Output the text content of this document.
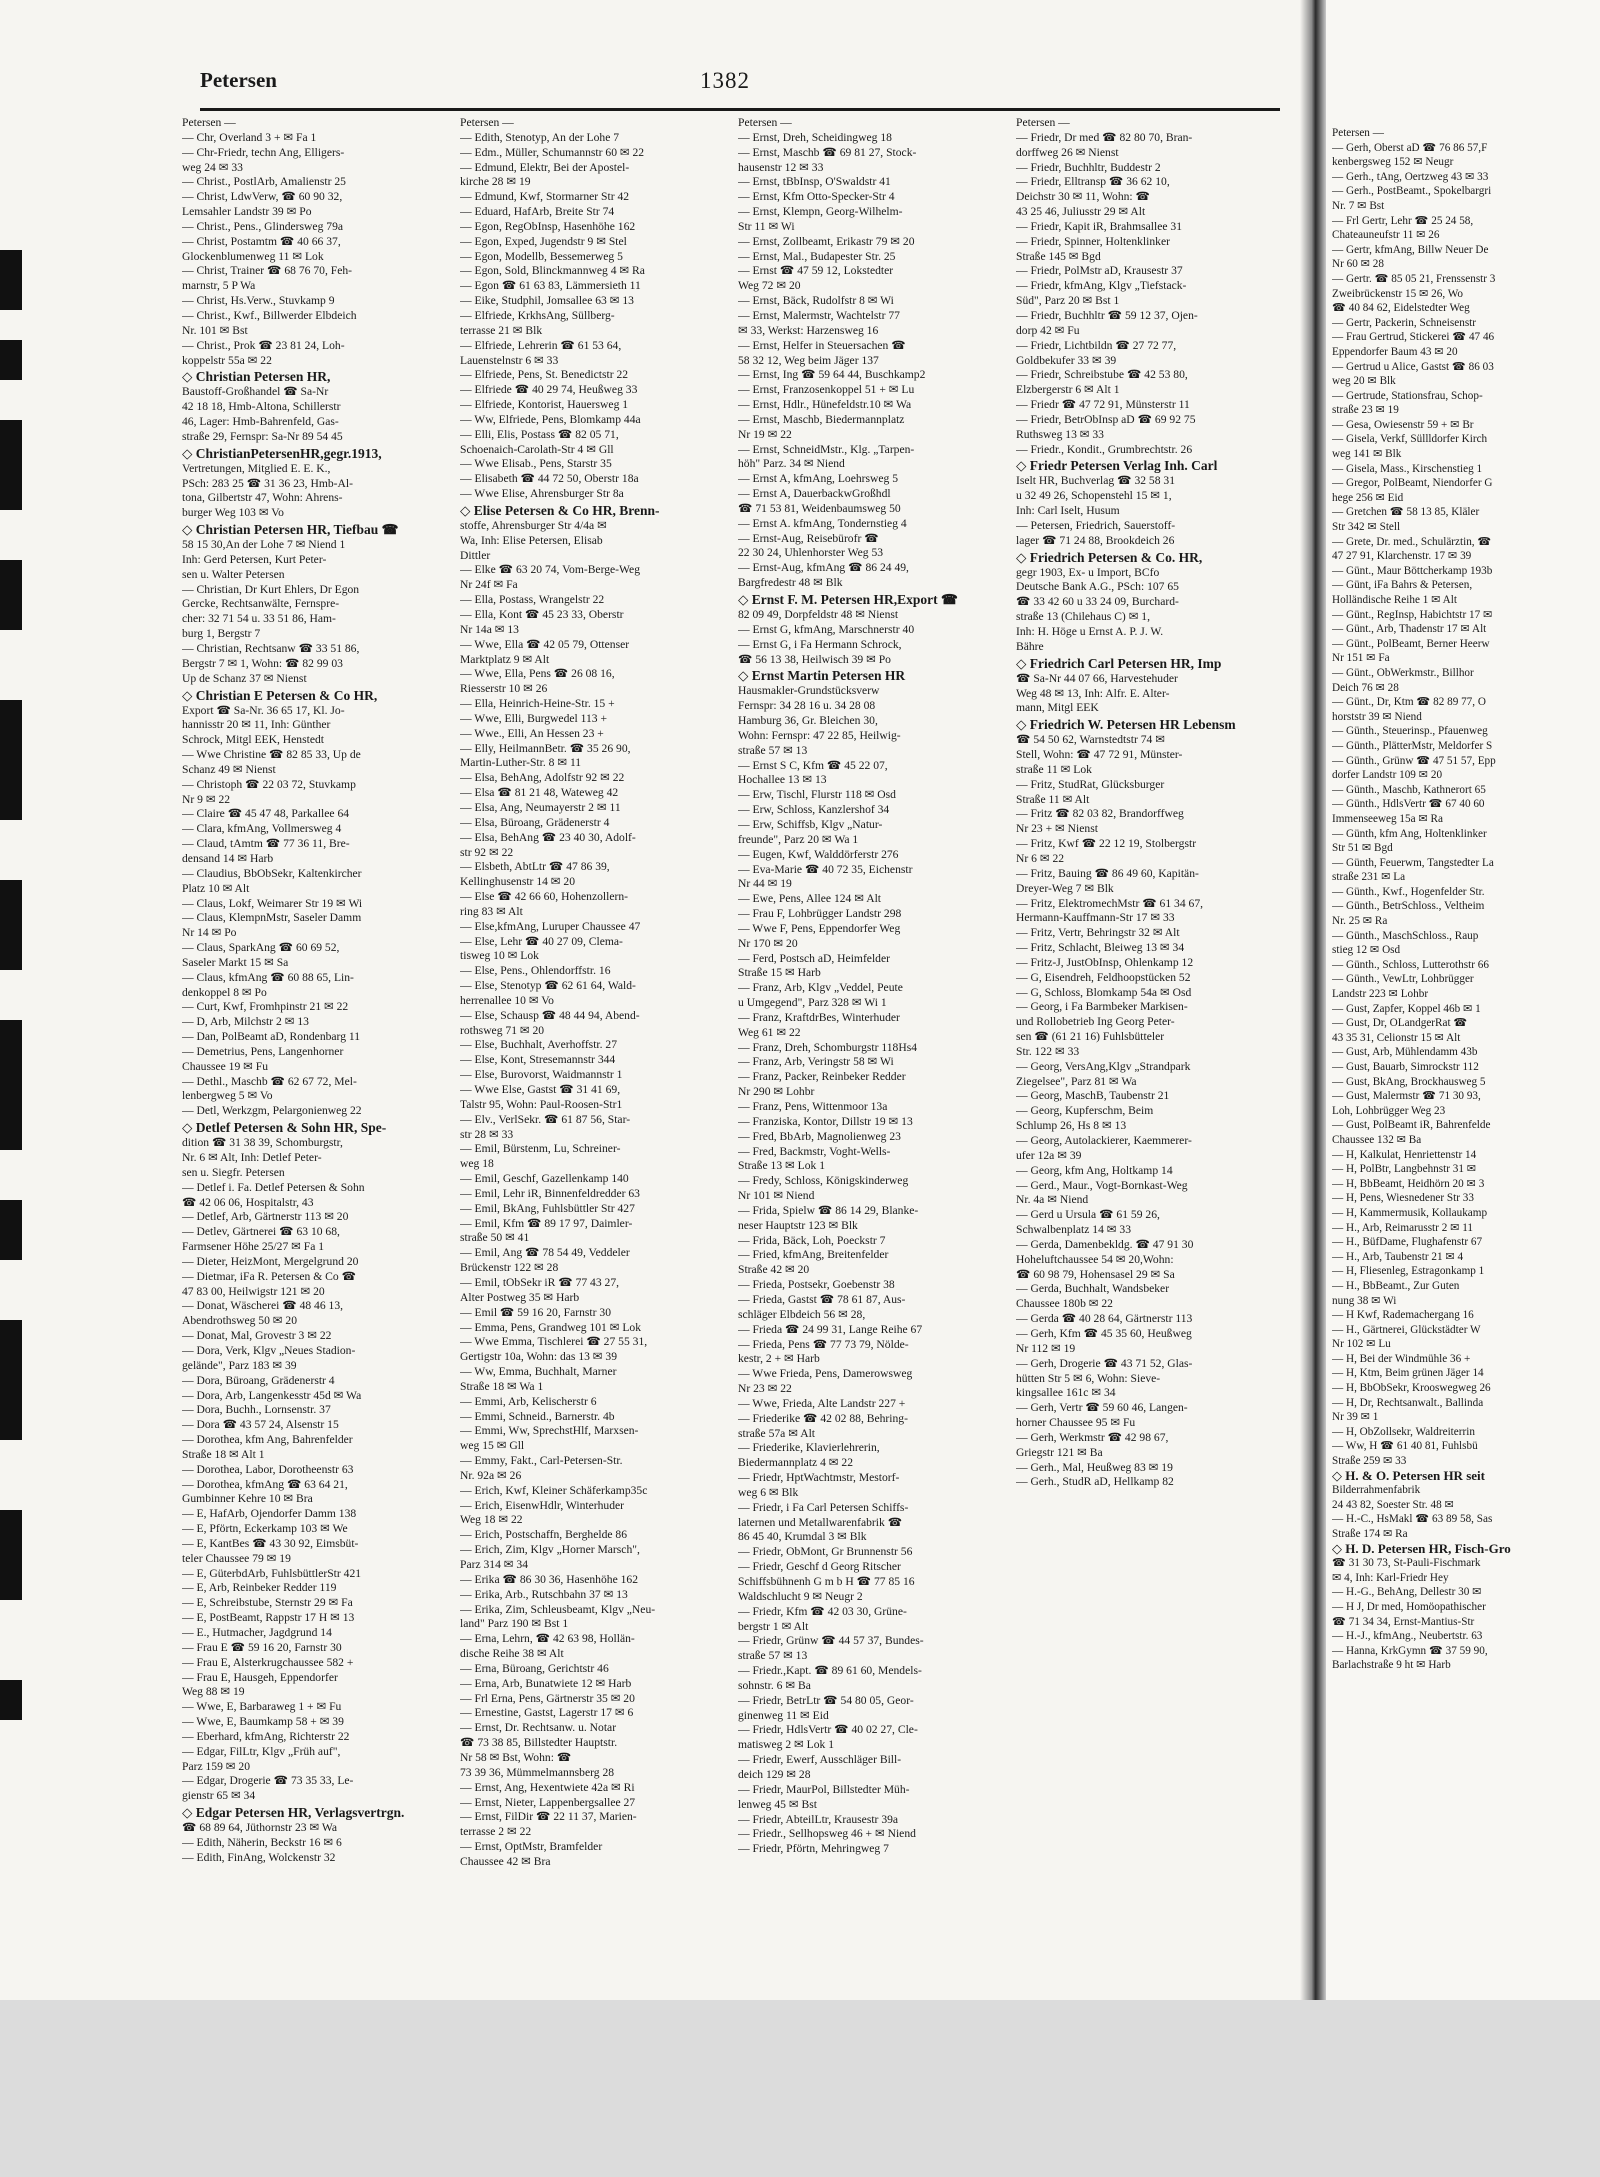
Petersen	1382
Petersen —
— Chr, Overland 3 + ✉ Fa 1
— Chr-Friedr, techn Ang, Elligers-
weg 24 ✉ 33
— Christ., PostlArb, Amalienstr 25
— Christ, LdwVerw, ☎ 60 90 32,
Lemsahler Landstr 39 ✉ Po
— Christ., Pens., Glindersweg 79a
— Christ, Postamtm ☎ 40 66 37,
Glockenblumenweg 11 ✉ Lok
— Christ, Trainer ☎ 68 76 70, Feh-
marnstr, 5 P Wa
— Christ, Hs.Verw., Stuvkamp 9
— Christ., Kwf., Billwerder Elbdeich
Nr. 101 ✉ Bst
— Christ., Prok ☎ 23 81 24, Loh-
koppelstr 55a ✉ 22
◇ Christian Petersen HR,
Baustoff-Großhandel ☎ Sa-Nr
42 18 18, Hmb-Altona, Schillerstr
46, Lager: Hmb-Bahrenfeld, Gas-
straße 29, Fernspr: Sa-Nr 89 54 45
◇ ChristianPetersenHR,gegr.1913,
Vertretungen, Mitglied E. E. K.,
PSch: 283 25 ☎ 31 36 23, Hmb-Al-
tona, Gilbertstr 47, Wohn: Ahrens-
burger Weg 103 ✉ Vo
◇ Christian Petersen HR, Tiefbau ☎
58 15 30,An der Lohe 7 ✉ Niend 1
Inh: Gerd Petersen, Kurt Peter-
sen u. Walter Petersen
— Christian, Dr Kurt Ehlers, Dr Egon
Gercke, Rechtsanwälte, Fernspre-
cher: 32 71 54 u. 33 51 86, Ham-
burg 1, Bergstr 7
— Christian, Rechtsanw ☎ 33 51 86,
Bergstr 7 ✉ 1, Wohn: ☎ 82 99 03
Up de Schanz 37 ✉ Nienst
◇ Christian E Petersen & Co HR,
Export ☎ Sa-Nr. 36 65 17, Kl. Jo-
hannisstr 20 ✉ 11, Inh: Günther
Schrock, Mitgl EEK, Henstedt
— Wwe Christine ☎ 82 85 33, Up de
Schanz 49 ✉ Nienst
— Christoph ☎ 22 03 72, Stuvkamp
Nr 9 ✉ 22
— Claire ☎ 45 47 48, Parkallee 64
— Clara, kfmAng, Vollmersweg 4
— Claud, tAmtm ☎ 77 36 11, Bre-
densand 14 ✉ Harb
— Claudius, BbObSekr, Kaltenkircher
Platz 10 ✉ Alt
— Claus, Lokf, Weimarer Str 19 ✉ Wi
— Claus, KlempnMstr, Saseler Damm
Nr 14 ✉ Po
— Claus, SparkAng ☎ 60 69 52,
Saseler Markt 15 ✉ Sa
— Claus, kfmAng ☎ 60 88 65, Lin-
denkoppel 8 ✉ Po
— Curt, Kwf, Fromhpinstr 21 ✉ 22
— D, Arb, Milchstr 2 ✉ 13
— Dan, PolBeamt aD, Rondenbarg 11
— Demetrius, Pens, Langenhorner
Chaussee 19 ✉ Fu
— Dethl., Maschb ☎ 62 67 72, Mel-
lenbergweg 5 ✉ Vo
— Detl, Werkzgm, Pelargonienweg 22
◇ Detlef Petersen & Sohn HR, Spe-
dition ☎ 31 38 39, Schomburgstr,
Nr. 6 ✉ Alt, Inh: Detlef Peter-
sen u. Siegfr. Petersen
— Detlef i. Fa. Detlef Petersen & Sohn
☎ 42 06 06, Hospitalstr, 43
— Detlef, Arb, Gärtnerstr 113 ✉ 20
— Detlev, Gärtnerei ☎ 63 10 68,
Farmsener Höhe 25/27 ✉ Fa 1
— Dieter, HeizMont, Mergelgrund 20
— Dietmar, iFa R. Petersen & Co ☎
47 83 00, Heilwigstr 121 ✉ 20
— Donat, Wäscherei ☎ 48 46 13,
Abendrothsweg 50 ✉ 20
— Donat, Mal, Grovestr 3 ✉ 22
— Dora, Verk, Klgv „Neues Stadion-
gelände", Parz 183 ✉ 39
— Dora, Büroang, Grädenerstr 4
— Dora, Arb, Langenkesstr 45d ✉ Wa
— Dora, Buchh., Lornsenstr. 37
— Dora ☎ 43 57 24, Alsenstr 15
— Dorothea, kfm Ang, Bahrenfelder
Straße 18 ✉ Alt 1
— Dorothea, Labor, Dorotheenstr 63
— Dorothea, kfmAng ☎ 63 64 21,
Gumbinner Kehre 10 ✉ Bra
— E, HafArb, Ojendorfer Damm 138
— E, Pförtn, Eckerkamp 103 ✉ We
— E, KantBes ☎ 43 30 92, Eimsbüt-
teler Chaussee 79 ✉ 19
— E, GüterbdArb, FuhlsbüttlerStr 421
— E, Arb, Reinbeker Redder 119
— E, Schreibstube, Sternstr 29 ✉ Fa
— E, PostBeamt, Rappstr 17 H ✉ 13
— E., Hutmacher, Jagdgrund 14
— Frau E ☎ 59 16 20, Farnstr 30
— Frau E, Alsterkrugchaussee 582 +
— Frau E, Hausgeh, Eppendorfer
Weg 88 ✉ 19
— Wwe, E, Barbaraweg 1 + ✉ Fu
— Wwe, E, Baumkamp 58 + ✉ 39
— Eberhard, kfmAng, Richterstr 22
— Edgar, FilLtr, Klgv „Früh auf",
Parz 159 ✉ 20
— Edgar, Drogerie ☎ 73 35 33, Le-
gienstr 65 ✉ 34
◇ Edgar Petersen HR, Verlagsvertrgn.
☎ 68 89 64, Jüthornstr 23 ✉ Wa
— Edith, Näherin, Beckstr 16 ✉ 6
— Edith, FinAng, Wolckenstr 32
Petersen —
— Edith, Stenotyp, An der Lohe 7
— Edm., Müller, Schumannstr 60 ✉ 22
— Edmund, Elektr, Bei der Apostel-
kirche 28 ✉ 19
— Edmund, Kwf, Stormarner Str 42
— Eduard, HafArb, Breite Str 74
— Egon, RegObInsp, Hasenhöhe 162
— Egon, Exped, Jugendstr 9 ✉ Stel
— Egon, Modellb, Bessemerweg 5
— Egon, Sold, Blinckmannweg 4 ✉ Ra
— Egon ☎ 61 63 83, Lämmersieth 11
— Eike, Studphil, Jomsallee 63 ✉ 13
— Elfriede, KrkhsAng, Süllberg-
terrasse 21 ✉ Blk
— Elfriede, Lehrerin ☎ 61 53 64,
Lauenstelnstr 6 ✉ 33
— Elfriede, Pens, St. Benedictstr 22
— Elfriede ☎ 40 29 74, Heußweg 33
— Elfriede, Kontorist, Hauersweg 1
— Ww, Elfriede, Pens, Blomkamp 44a
— Elli, Elis, Postass ☎ 82 05 71,
Schoenaich-Carolath-Str 4 ✉ Gll
— Wwe Elisab., Pens, Starstr 35
— Elisabeth ☎ 44 72 50, Oberstr 18a
— Wwe Elise, Ahrensburger Str 8a
◇ Elise Petersen & Co HR, Brenn-
stoffe, Ahrensburger Str 4/4a ✉
Wa, Inh: Elise Petersen, Elisab
Dittler
— Elke ☎ 63 20 74, Vom-Berge-Weg
Nr 24f ✉ Fa
— Ella, Postass, Wrangelstr 22
— Ella, Kont ☎ 45 23 33, Oberstr
Nr 14a ✉ 13
— Wwe, Ella ☎ 42 05 79, Ottenser
Marktplatz 9 ✉ Alt
— Wwe, Ella, Pens ☎ 26 08 16,
Riesserstr 10 ✉ 26
— Ella, Heinrich-Heine-Str. 15 +
— Wwe, Elli, Burgwedel 113 +
— Wwe., Elli, An Hessen 23 +
— Elly, HeilmannBetr. ☎ 35 26 90,
Martin-Luther-Str. 8 ✉ 11
— Elsa, BehAng, Adolfstr 92 ✉ 22
— Elsa ☎ 81 21 48, Wateweg 42
— Elsa, Ang, Neumayerstr 2 ✉ 11
— Elsa, Büroang, Grädenerstr 4
— Elsa, BehAng ☎ 23 40 30, Adolf-
str 92 ✉ 22
— Elsbeth, AbtLtr ☎ 47 86 39,
Kellinghusenstr 14 ✉ 20
— Else ☎ 42 66 60, Hohenzollern-
ring 83 ✉ Alt
— Else,kfmAng, Luruper Chaussee 47
— Else, Lehr ☎ 40 27 09, Clema-
tisweg 10 ✉ Lok
— Else, Pens., Ohlendorffstr. 16
— Else, Stenotyp ☎ 62 61 64, Wald-
herrenallee 10 ✉ Vo
— Else, Schausp ☎ 48 44 94, Abend-
rothsweg 71 ✉ 20
— Else, Buchhalt, Averhoffstr. 27
— Else, Kont, Stresemannstr 344
— Else, Burovorst, Waidmannstr 1
— Wwe Else, Gastst ☎ 31 41 69,
Talstr 95, Wohn: Paul-Roosen-Str1
— Elv., VerlSekr. ☎ 61 87 56, Star-
str 28 ✉ 33
— Emil, Bürstenm, Lu, Schreiner-
weg 18
— Emil, Geschf, Gazellenkamp 140
— Emil, Lehr iR, Binnenfeldredder 63
— Emil, BkAng, Fuhlsbüttler Str 427
— Emil, Kfm ☎ 89 17 97, Daimler-
straße 50 ✉ 41
— Emil, Ang ☎ 78 54 49, Veddeler
Brückenstr 122 ✉ 28
— Emil, tObSekr iR ☎ 77 43 27,
Alter Postweg 35 ✉ Harb
— Emil ☎ 59 16 20, Farnstr 30
— Emma, Pens, Grandweg 101 ✉ Lok
— Wwe Emma, Tischlerei ☎ 27 55 31,
Gertigstr 10a, Wohn: das 13 ✉ 39
— Ww, Emma, Buchhalt, Marner
Straße 18 ✉ Wa 1
— Emmi, Arb, Kelischerstr 6
— Emmi, Schneid., Barnerstr. 4b
— Emmi, Ww, SprechstHlf, Marxsen-
weg 15 ✉ Gll
— Emmy, Fakt., Carl-Petersen-Str.
Nr. 92a ✉ 26
— Erich, Kwf, Kleiner Schäferkamp35c
— Erich, EisenwHdlr, Winterhuder
Weg 18 ✉ 22
— Erich, Postschaffn, Berghelde 86
— Erich, Zim, Klgv „Horner Marsch",
Parz 314 ✉ 34
— Erika ☎ 86 30 36, Hasenhöhe 162
— Erika, Arb., Rutschbahn 37 ✉ 13
— Erika, Zim, Schleusbeamt, Klgv „Neu-
land" Parz 190 ✉ Bst 1
— Erna, Lehrn, ☎ 42 63 98, Hollän-
dische Reihe 38 ✉ Alt
— Erna, Büroang, Gerichtstr 46
— Erna, Arb, Bunatwiete 12 ✉ Harb
— Frl Erna, Pens, Gärtnerstr 35 ✉ 20
— Ernestine, Gastst, Lagerstr 17 ✉ 6
— Ernst, Dr. Rechtsanw. u. Notar
☎ 73 38 85, Billstedter Hauptstr.
Nr 58 ✉ Bst, Wohn: ☎
73 39 36, Mümmelmannsberg 28
— Ernst, Ang, Hexentwiete 42a ✉ Ri
— Ernst, Nieter, Lappenbergsallee 27
— Ernst, FilDir ☎ 22 11 37, Marien-
terrasse 2 ✉ 22
— Ernst, OptMstr, Bramfelder
Chaussee 42 ✉ Bra
Petersen —
— Ernst, Dreh, Scheidingweg 18
— Ernst, Maschb ☎ 69 81 27, Stock-
hausenstr 12 ✉ 33
— Ernst, tBbInsp, O'Swaldstr 41
— Ernst, Kfm Otto-Specker-Str 4
— Ernst, Klempn, Georg-Wilhelm-
Str 11 ✉ Wi
— Ernst, Zollbeamt, Erikastr 79 ✉ 20
— Ernst, Mal., Budapester Str. 25
— Ernst ☎ 47 59 12, Lokstedter
Weg 72 ✉ 20
— Ernst, Bäck, Rudolfstr 8 ✉ Wi
— Ernst, Malermstr, Wachtelstr 77
✉ 33, Werkst: Harzensweg 16
— Ernst, Helfer in Steuersachen ☎
58 32 12, Weg beim Jäger 137
— Ernst, Ing ☎ 59 64 44, Buschkamp2
— Ernst, Franzosenkoppel 51 + ✉ Lu
— Ernst, Hdlr., Hünefeldstr.10 ✉ Wa
— Ernst, Maschb, Biedermannplatz
Nr 19 ✉ 22
— Ernst, SchneidMstr., Klg. „Tarpen-
höh" Parz. 34 ✉ Niend
— Ernst A, kfmAng, Loehrsweg 5
— Ernst A, DauerbackwGroßhdl
☎ 71 53 81, Weidenbaumsweg 50
— Ernst A. kfmAng, Tondernstieg 4
— Ernst-Aug, Reisebürofr ☎
22 30 24, Uhlenhorster Weg 53
— Ernst-Aug, kfmAng ☎ 86 24 49,
Bargfredestr 48 ✉ Blk
◇ Ernst F. M. Petersen HR,Export ☎
82 09 49, Dorpfeldstr 48 ✉ Nienst
— Ernst G, kfmAng, Marschnerstr 40
— Ernst G, i Fa Hermann Schrock,
☎ 56 13 38, Heilwisch 39 ✉ Po
◇ Ernst Martin Petersen HR
Hausmakler-Grundstücksverw
Fernspr: 34 28 16 u. 34 28 08
Hamburg 36, Gr. Bleichen 30,
Wohn: Fernspr: 47 22 85, Heilwig-
straße 57 ✉ 13
— Ernst S C, Kfm ☎ 45 22 07,
Hochallee 13 ✉ 13
— Erw, Tischl, Flurstr 118 ✉ Osd
— Erw, Schloss, Kanzlershof 34
— Erw, Schiffsb, Klgv „Natur-
freunde", Parz 20 ✉ Wa 1
— Eugen, Kwf, Walddörferstr 276
— Eva-Marie ☎ 40 72 35, Eichenstr
Nr 44 ✉ 19
— Ewe, Pens, Allee 124 ✉ Alt
— Frau F, Lohbrügger Landstr 298
— Wwe F, Pens, Eppendorfer Weg
Nr 170 ✉ 20
— Ferd, Postsch aD, Heimfelder
Straße 15 ✉ Harb
— Franz, Arb, Klgv „Veddel, Peute
u Umgegend", Parz 328 ✉ Wi 1
— Franz, KraftdrBes, Winterhuder
Weg 61 ✉ 22
— Franz, Dreh, Schomburgstr 118Hs4
— Franz, Arb, Veringstr 58 ✉ Wi
— Franz, Packer, Reinbeker Redder
Nr 290 ✉ Lohbr
— Franz, Pens, Wittenmoor 13a
— Franziska, Kontor, Dillstr 19 ✉ 13
— Fred, BbArb, Magnolienweg 23
— Fred, Backmstr, Voght-Wells-
Straße 13 ✉ Lok 1
— Fredy, Schloss, Königskinderweg
Nr 101 ✉ Niend
— Frida, Spielw ☎ 86 14 29, Blanke-
neser Hauptstr 123 ✉ Blk
— Frida, Bäck, Loh, Poeckstr 7
— Fried, kfmAng, Breitenfelder
Straße 42 ✉ 20
— Frieda, Postsekr, Goebenstr 38
— Frieda, Gastst ☎ 78 61 87, Aus-
schläger Elbdeich 56 ✉ 28,
— Frieda ☎ 24 99 31, Lange Reihe 67
— Frieda, Pens ☎ 77 73 79, Nölde-
kestr, 2 + ✉ Harb
— Wwe Frieda, Pens, Damerowsweg
Nr 23 ✉ 22
— Wwe, Frieda, Alte Landstr 227 +
— Friederike ☎ 42 02 88, Behring-
straße 57a ✉ Alt
— Friederike, Klavierlehrerin,
Biedermannplatz 4 ✉ 22
— Friedr, HptWachtmstr, Mestorf-
weg 6 ✉ Blk
— Friedr, i Fa Carl Petersen Schiffs-
laternen und Metallwarenfabrik ☎
86 45 40, Krumdal 3 ✉ Blk
— Friedr, ObMont, Gr Brunnenstr 56
— Friedr, Geschf d Georg Ritscher
Schiffsbühnenh G m b H ☎ 77 85 16
Waldschlucht 9 ✉ Neugr 2
— Friedr, Kfm ☎ 42 03 30, Grüne-
bergstr 1 ✉ Alt
— Friedr, Grünw ☎ 44 57 37, Bundes-
straße 57 ✉ 13
— Friedr.,Kapt. ☎ 89 61 60, Mendels-
sohnstr. 6 ✉ Ba
— Friedr, BetrLtr ☎ 54 80 05, Geor-
ginenweg 11 ✉ Eid
— Friedr, HdlsVertr ☎ 40 02 27, Cle-
matisweg 2 ✉ Lok 1
— Friedr, Ewerf, Ausschläger Bill-
deich 129 ✉ 28
— Friedr, MaurPol, Billstedter Müh-
lenweg 45 ✉ Bst
— Friedr, AbteilLtr, Krausestr 39a
— Friedr., Sellhopsweg 46 + ✉ Niend
— Friedr, Pförtn, Mehringweg 7
Petersen —
— Friedr, Dr med ☎ 82 80 70, Bran-
dorffweg 26 ✉ Nienst
— Friedr, Buchhltr, Buddestr 2
— Friedr, Elltransp ☎ 36 62 10,
Deichstr 30 ✉ 11, Wohn: ☎
43 25 46, Juliusstr 29 ✉ Alt
— Friedr, Kapit iR, Brahmsallee 31
— Friedr, Spinner, Holtenklinker
Straße 145 ✉ Bgd
— Friedr, PolMstr aD, Krausestr 37
— Friedr, kfmAng, Klgv „Tiefstack-
Süd", Parz 20 ✉ Bst 1
— Friedr, Buchhltr ☎ 59 12 37, Ojen-
dorp 42 ✉ Fu
— Friedr, Lichtbildn ☎ 27 72 77,
Goldbekufer 33 ✉ 39
— Friedr, Schreibstube ☎ 42 53 80,
Elzbergerstr 6 ✉ Alt 1
— Friedr ☎ 47 72 91, Münsterstr 11
— Friedr, BetrObInsp aD ☎ 69 92 75
Ruthsweg 13 ✉ 33
— Friedr., Kondit., Grumbrechtstr. 26
◇ Friedr Petersen Verlag Inh. Carl
Iselt HR, Buchverlag ☎ 32 58 31
u 32 49 26, Schopenstehl 15 ✉ 1,
Inh: Carl Iselt, Husum
— Petersen, Friedrich, Sauerstoff-
lager ☎ 71 24 88, Brookdeich 26
◇ Friedrich Petersen & Co. HR,
gegr 1903, Ex- u Import, BCfo
Deutsche Bank A.G., PSch: 107 65
☎ 33 42 60 u 33 24 09, Burchard-
straße 13 (Chilehaus C) ✉ 1,
Inh: H. Höge u Ernst A. P. J. W.
Bähre
◇ Friedrich Carl Petersen HR, Imp
☎ Sa-Nr 44 07 66, Harvestehuder
Weg 48 ✉ 13, Inh: Alfr. E. Alter-
mann, Mitgl EEK
◇ Friedrich W. Petersen HR Lebensm
☎ 54 50 62, Warnstedtstr 74 ✉
Stell, Wohn: ☎ 47 72 91, Münster-
straße 11 ✉ Lok
— Fritz, StudRat, Glücksburger
Straße 11 ✉ Alt
— Fritz ☎ 82 03 82, Brandorffweg
Nr 23 + ✉ Nienst
— Fritz, Kwf ☎ 22 12 19, Stolbergstr
Nr 6 ✉ 22
— Fritz, Bauing ☎ 86 49 60, Kapitän-
Dreyer-Weg 7 ✉ Blk
— Fritz, ElektromechMstr ☎ 61 34 67,
Hermann-Kauffmann-Str 17 ✉ 33
— Fritz, Vertr, Behringstr 32 ✉ Alt
— Fritz, Schlacht, Bleiweg 13 ✉ 34
— Fritz-J, JustObInsp, Ohlenkamp 12
— G, Eisendreh, Feldhoopstücken 52
— G, Schloss, Blomkamp 54a ✉ Osd
— Georg, i Fa Barmbeker Markisen-
und Rollobetrieb Ing Georg Peter-
sen ☎ (61 21 16) Fuhlsbütteler
Str. 122 ✉ 33
— Georg, VersAng,Klgv „Strandpark
Ziegelsee", Parz 81 ✉ Wa
— Georg, MaschB, Taubenstr 21
— Georg, Kupferschm, Beim
Schlump 26, Hs 8 ✉ 13
— Georg, Autolackierer, Kaemmerer-
ufer 12a ✉ 39
— Georg, kfm Ang, Holtkamp 14
— Gerd., Maur., Vogt-Bornkast-Weg
Nr. 4a ✉ Niend
— Gerd u Ursula ☎ 61 59 26,
Schwalbenplatz 14 ✉ 33
— Gerda, Damenbekldg. ☎ 47 91 30
Hoheluftchaussee 54 ✉ 20,Wohn:
☎ 60 98 79, Hohensasel 29 ✉ Sa
— Gerda, Buchhalt, Wandsbeker
Chaussee 180b ✉ 22
— Gerda ☎ 40 28 64, Gärtnerstr 113
— Gerh, Kfm ☎ 45 35 60, Heußweg
Nr 112 ✉ 19
— Gerh, Drogerie ☎ 43 71 52, Glas-
hütten Str 5 ✉ 6, Wohn: Sieve-
kingsallee 161c ✉ 34
— Gerh, Vertr ☎ 59 60 46, Langen-
horner Chaussee 95 ✉ Fu
— Gerh, Werkmstr ☎ 42 98 67,
Griegstr 121 ✉ Ba
— Gerh., Mal, Heußweg 83 ✉ 19
— Gerh., StudR aD, Hellkamp 82
Petersen —
— Gerh, Oberst aD ☎ 76 86 57,F
kenbergsweg 152 ✉ Neugr
— Gerh., tAng, Oertzweg 43 ✉ 33
— Gerh., PostBeamt., Spokelbargri
Nr. 7 ✉ Bst
— Frl Gertr, Lehr ☎ 25 24 58,
Chateauneufstr 11 ✉ 26
— Gertr, kfmAng, Billw Neuer De
Nr 60 ✉ 28
— Gertr. ☎ 85 05 21, Frenssenstr 3
Zweibrückenstr 15 ✉ 26, Wo
☎ 40 84 62, Eidelstedter Weg
— Gertr, Packerin, Schneisenstr
— Frau Gertrud, Stickerei ☎ 47 46
Eppendorfer Baum 43 ✉ 20
— Gertrud u Alice, Gastst ☎ 86 03
weg 20 ✉ Blk
— Gertrude, Stationsfrau, Schop-
straße 23 ✉ 19
— Gesa, Owiesenstr 59 + ✉ Br
— Gisela, Verkf, Süllldorfer Kirch
weg 141 ✉ Blk
— Gisela, Mass., Kirschenstieg 1
— Gregor, PolBeamt, Niendorfer G
hege 256 ✉ Eid
— Gretchen ☎ 58 13 85, Kläler
Str 342 ✉ Stell
— Grete, Dr. med., Schulärztin, ☎
47 27 91, Klarchenstr. 17 ✉ 39
— Günt., Maur Böttcherkamp 193b
— Günt, iFa Bahrs & Petersen,
Holländische Reihe 1 ✉ Alt
— Günt., RegInsp, Habichtstr 17 ✉
— Günt., Arb, Thadenstr 17 ✉ Alt
— Günt., PolBeamt, Berner Heerw
Nr 151 ✉ Fa
— Günt., ObWerkmstr., Billhor
Deich 76 ✉ 28
— Günt., Dr, Ktm ☎ 82 89 77, O
horststr 39 ✉ Niend
— Günth., Steuerinsp., Pfauenweg
— Günth., PlätterMstr, Meldorfer S
— Günth., Grünw ☎ 47 51 57, Epp
dorfer Landstr 109 ✉ 20
— Günth., Maschb, Kathnerort 65
— Günth., HdlsVertr ☎ 67 40 60
Immenseeweg 15a ✉ Ra
— Günth, kfm Ang, Holtenklinker
Str 51 ✉ Bgd
— Günth, Feuerwm, Tangstedter La
straße 231 ✉ La
— Günth., Kwf., Hogenfelder Str.
— Günth., BetrSchloss., Veltheim
Nr. 25 ✉ Ra
— Günth., MaschSchloss., Raup
stieg 12 ✉ Osd
— Günth., Schloss, Lutterothstr 66
— Günth., VewLtr, Lohbrügger
Landstr 223 ✉ Lohbr
— Gust, Zapfer, Koppel 46b ✉ 1
— Gust, Dr, OLandgerRat ☎
43 35 31, Celionstr 15 ✉ Alt
— Gust, Arb, Mühlendamm 43b
— Gust, Bauarb, Simrockstr 112
— Gust, BkAng, Brockhausweg 5
— Gust, Malermstr ☎ 71 30 93,
Loh, Lohbrügger Weg 23
— Gust, PolBeamt iR, Bahrenfelde
Chaussee 132 ✉ Ba
— H, Kalkulat, Henriettenstr 14
— H, PolBtr, Langbehnstr 31 ✉
— H, BbBeamt, Heidhörn 20 ✉ 3
— H, Pens, Wiesnedener Str 33
— H, Kammermusik, Kollaukamp
— H., Arb, Reimarusstr 2 ✉ 11
— H., BüfDame, Flughafenstr 67
— H., Arb, Taubenstr 21 ✉ 4
— H, Fliesenleg, Estragonkamp 1
— H., BbBeamt., Zur Guten
nung 38 ✉ Wi
— H Kwf, Rademachergang 16
— H., Gärtnerei, Glückstädter W
Nr 102 ✉ Lu
— H, Bei der Windmühle 36 +
— H, Ktm, Beim grünen Jäger 14
— H, BbObSekr, Krooswegweg 26
— H, Dr, Rechtsanwalt., Ballinda
Nr 39 ✉ 1
— H, ObZollsekr, Waldreiterrin
— Ww, H ☎ 61 40 81, Fuhlsbü
Straße 259 ✉ 33
◇ H. & O. Petersen HR seit
Bilderrahmenfabrik
24 43 82, Soester Str. 48 ✉
— H.-C., HsMakl ☎ 63 89 58, Sas
Straße 174 ✉ Ra
◇ H. D. Petersen HR, Fisch-Gro
☎ 31 30 73, St-Pauli-Fischmark
✉ 4, Inh: Karl-Friedr Hey
— H.-G., BehAng, Dellestr 30 ✉
— H J, Dr med, Homöopathischer
☎ 71 34 34, Ernst-Mantius-Str
— H.-J., kfmAng., Neubertstr. 63
— Hanna, KrkGymn ☎ 37 59 90,
Barlachstraße 9 ht ✉ Harb
